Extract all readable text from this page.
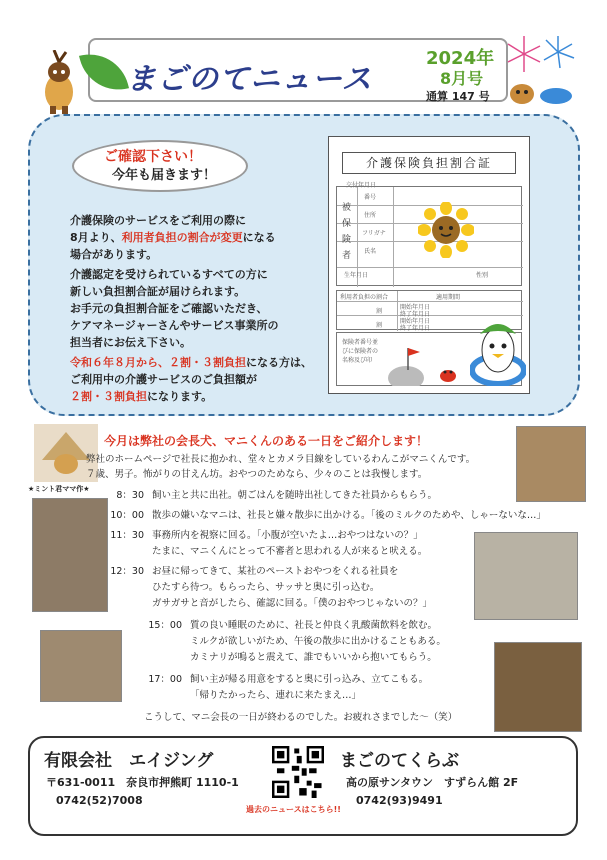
まごのてニュース
2024年
8月号
通算 147 号
ご確認下さい！
今年も届きます！
介護保険のサービスをご利用の際に
8月より、利用者負担の割合が変更になる
場合があります。
介護認定を受けられているすべての方に
新しい負担割合証が届けられます。
お手元の負担割合証をご確認いただき、
ケアマネージャーさんやサービス事業所の
担当者にお伝え下さい。
令和６年８月から、２割・３割負担になる方は、
ご利用中の介護サービスのご負担額が
２割・３割負担になります。
介護保険負担割合証
交付年月日
被保険者
番号
住所
フリガナ
氏名
生年月日	性別
利用者負担の割合	適用期間
割
開始年月日
終了年月日
割
開始年月日
終了年月日
保険者番号並びに保険者の名称及び印
★ミント君ママ作★
今月は弊社の会長犬、マニくんのある一日をご紹介します！
弊社のホームページで社長に抱かれ、堂々とカメラ目線をしているわんこがマニくんです。
７歳、男子。怖がりの甘えん坊。おやつのためなら、少々のことは我慢します。
8：30 飼い主と共に出社。朝ごはんを随時出社してきた社員からもらう。
10：00 散歩の嫌いなマニは、社長と嫌々散歩に出かける。「後のミルクのためや、しゃーないな…」
11：30 事務所内を視察に回る。「小腹が空いたよ…おやつはないの？」
たまに、マニくんにとって不審者と思われる人が来ると吠える。
12：30 お昼に帰ってきて、某社のペーストおやつをくれる社員を
ひたすら待つ。もらったら、サッサと奥に引っ込む。
ガサガサと音がしたら、確認に回る。「僕のおやつじゃないの？」
15：00 質の良い睡眠のために、社長と仲良く乳酸菌飲料を飲む。
ミルクが欲しいがため、午後の散歩に出かけることもある。
カミナリが鳴ると震えて、誰でもいいから抱いてもらう。
17：00 飼い主が帰る用意をすると奥に引っ込み、立てこもる。
「帰りたかったら、連れに来たまえ…」
こうして、マニ会長の一日が終わるのでした。お疲れさまでした～（笑）
有限会社　エイジング
〒631-0011　奈良市押熊町 1110-1
0742(52)7008
過去のニュースはこちら!!
まごのてくらぶ
高の原サンタウン　すずらん館 2F
0742(93)9491
